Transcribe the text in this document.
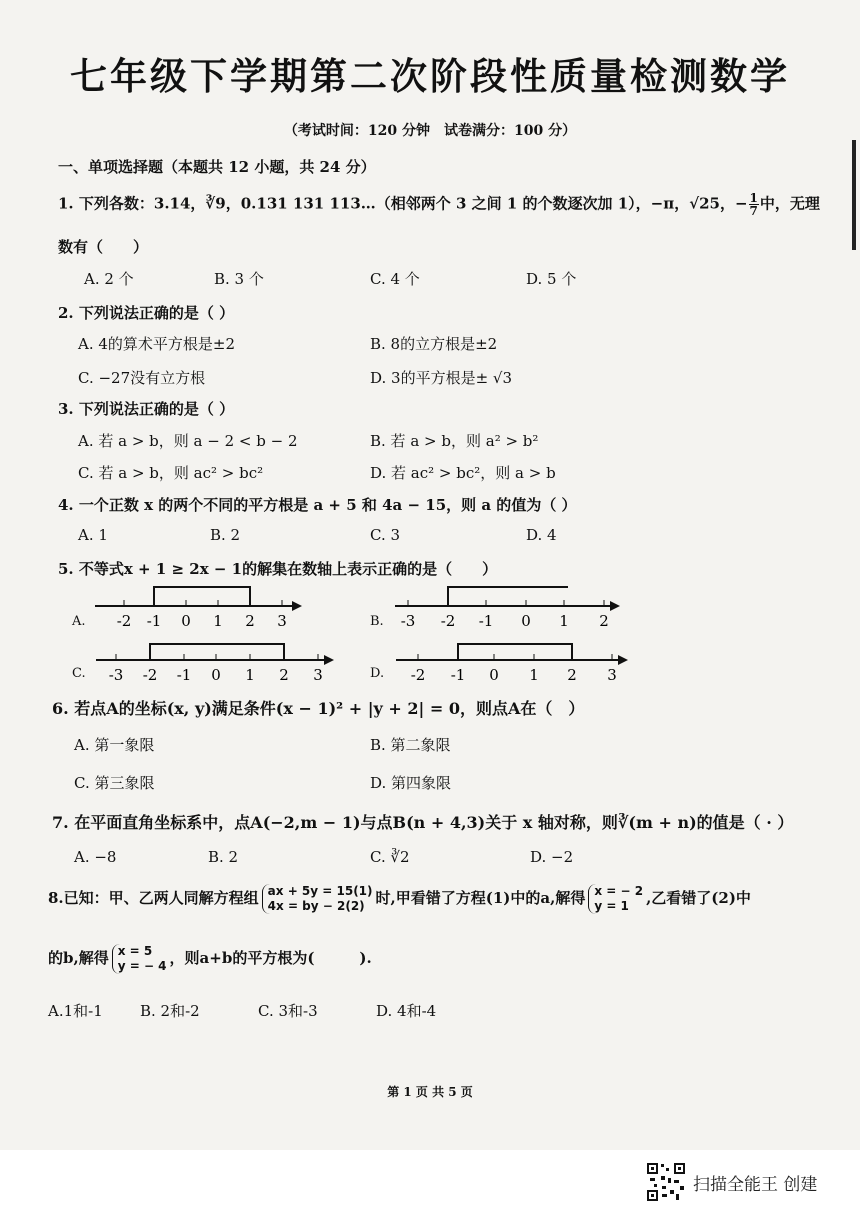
七年级下学期第二次阶段性质量检测数学
（考试时间：120 分钟　试卷满分：100 分）
一、单项选择题（本题共 12 小题，共 24 分）
1. 下列各数：3.14，∛9，0.131 131 113…（相邻两个 3 之间 1 的个数逐次加 1），−π，√25，− $\frac{1}{7}$ 中，无理
数有（　　）
A. 2 个	B. 3 个	C. 4 个	D. 5 个
2. 下列说法正确的是（ ）
A. 4的算术平方根是±2	B. 8的立方根是±2
C. −27没有立方根	D. 3的平方根是± √3
3. 下列说法正确的是（ ）
A. 若 a > b，则 a − 2 < b − 2	B. 若 a > b，则 a² > b²
C. 若 a > b，则 ac² > bc²	D. 若 ac² > bc²，则 a > b
4. 一个正数 x 的两个不同的平方根是 a + 5 和 4a − 15，则 a 的值为（ ）
A. 1	B. 2	C. 3	D. 4
5. 不等式x + 1 ≥ 2x − 1的解集在数轴上表示正确的是（　　）
A.	B.
C.	D.
-2 -1 0 1 2 3	-3 -2 -1 0 1 2
-3 -2 -1 0 1 2 3	-2 -1 0 1 2 3
6. 若点A的坐标(x, y)满足条件(x − 1)² + |y + 2| = 0，则点A在（　）
A. 第一象限	B. 第二象限
C. 第三象限	D. 第四象限
7. 在平面直角坐标系中，点A(−2,m − 1)与点B(n + 4,3)关于 x 轴对称，则∛(m + n)的值是（ · ）
A. −8	B. 2	C. ∛2	D. −2
8.已知：甲、乙两人同解方程组 ax + 5y = 15(1)
4x = by − 2(2) 时,甲看错了方程(1)中的a,解得 x = − 2
y = 1	,乙看错了(2)中
的b,解得 x = 5
y = − 4 ，则a+b的平方根为(　　　).
A.1和-1 B. 2和-2	C. 3和-3	D. 4和-4
第 1 页 共 5 页
扫描全能王 创建
